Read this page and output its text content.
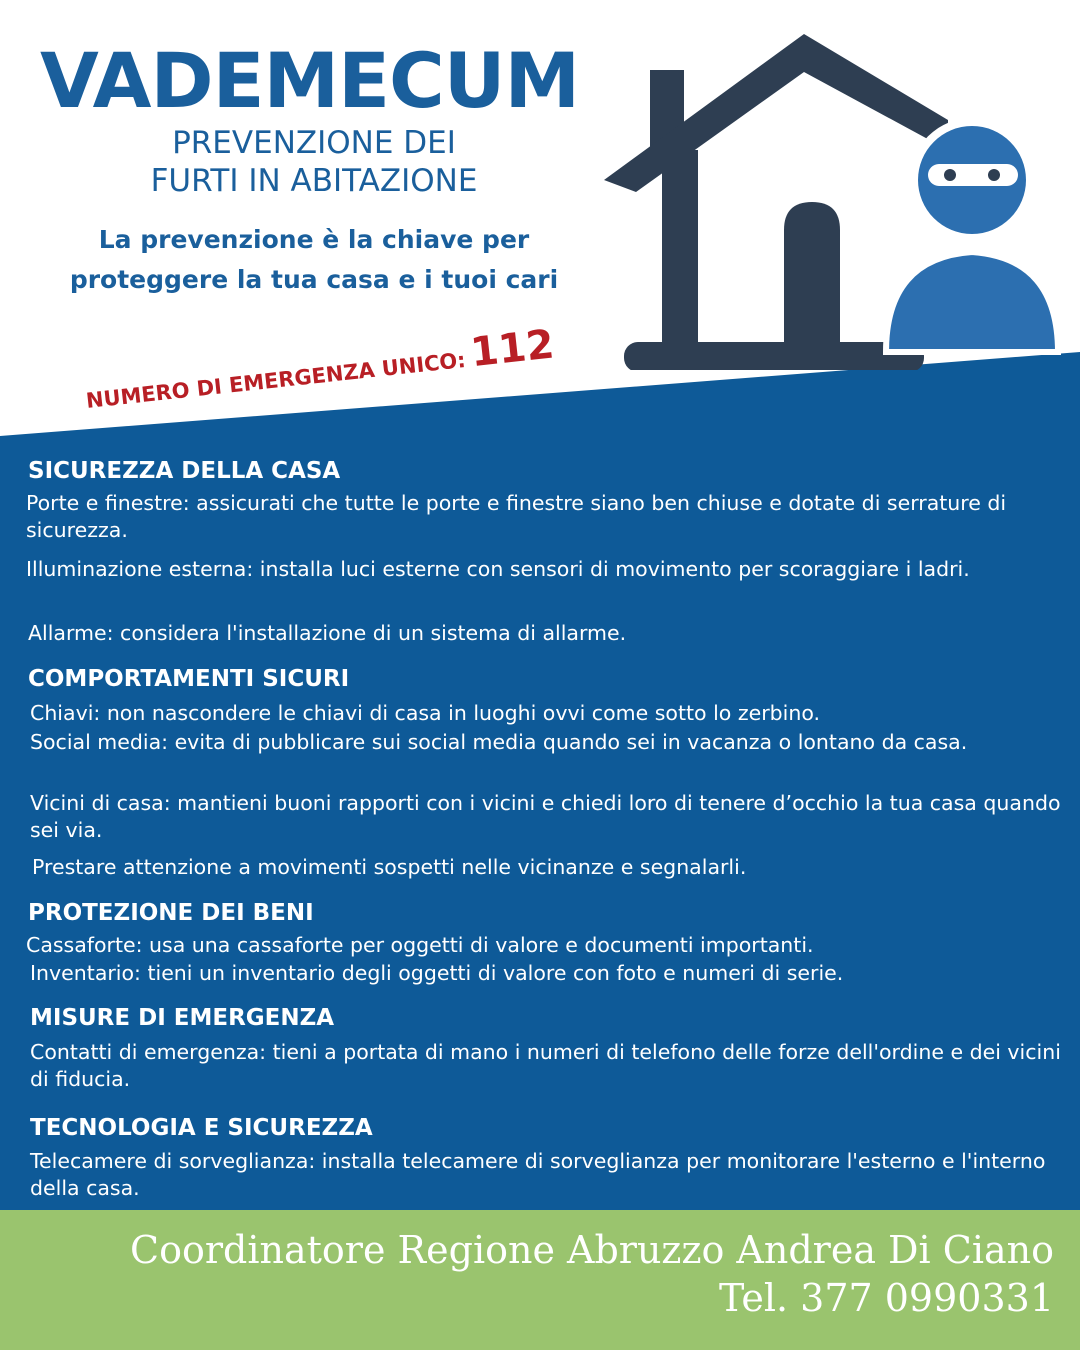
VADEMECUM
PREVENZIONE DEI
FURTI IN ABITAZIONE
La prevenzione è la chiave per
proteggere la tua casa e i tuoi cari
NUMERO DI EMERGENZA UNICO:112
SICUREZZA DELLA CASA
Porte e finestre: assicurati che tutte le porte e finestre siano ben chiuse e dotate di serrature di sicurezza.
Illuminazione esterna: installa luci esterne con sensori di movimento per scoraggiare i ladri.
Allarme: considera l'installazione di un sistema di allarme.
COMPORTAMENTI SICURI
Chiavi: non nascondere le chiavi di casa in luoghi ovvi come sotto lo zerbino.
Social media: evita di pubblicare sui social media quando sei in vacanza o lontano da casa.
Vicini di casa: mantieni buoni rapporti con i vicini e chiedi loro di tenere d’occhio la tua casa quando sei via.
Prestare attenzione a movimenti sospetti nelle vicinanze e segnalarli.
PROTEZIONE DEI BENI
Cassaforte: usa una cassaforte per oggetti di valore e documenti importanti.
Inventario: tieni un inventario degli oggetti di valore con foto e numeri di serie.
MISURE DI EMERGENZA
Contatti di emergenza: tieni a portata di mano i numeri di telefono delle forze dell'ordine e dei vicini di fiducia.
TECNOLOGIA E SICUREZZA
Telecamere di sorveglianza: installa telecamere di sorveglianza per monitorare l'esterno e l'interno della casa.
Coordinatore Regione Abruzzo Andrea Di Ciano
Tel. 377 0990331
